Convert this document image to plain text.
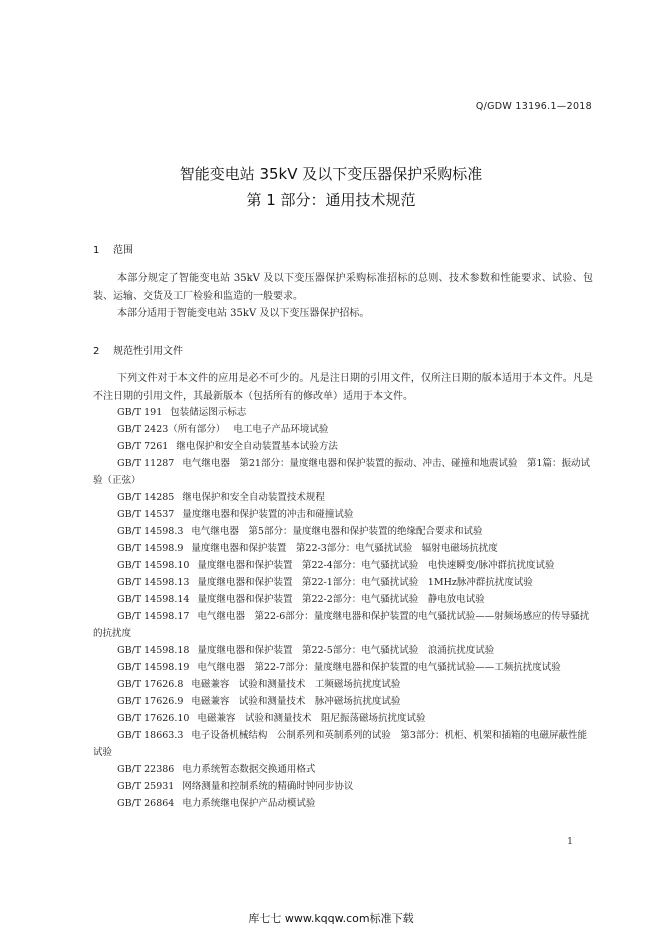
Q/GDW 13196.1—2018
智能变电站 35kV 及以下变压器保护采购标准
第 1 部分：通用技术规范
1 范围

本部分规定了智能变电站 35kV 及以下变压器保护采购标准招标的总则、技术参数和性能要求、试验、包装、运输、交货及工厂检验和监造的一般要求。

本部分适用于智能变电站 35kV 及以下变压器保护招标。

2 规范性引用文件

下列文件对于本文件的应用是必不可少的。凡是注日期的引用文件，仅所注日期的版本适用于本文件。凡是不注日期的引用文件，其最新版本（包括所有的修改单）适用于本文件。

GB/T 191 包装储运图示标志
GB/T 2423（所有部分） 电工电子产品环境试验
GB/T 7261 继电保护和安全自动装置基本试验方法
GB/T 11287 电气继电器　第21部分：量度继电器和保护装置的振动、冲击、碰撞和地震试验　第1篇：振动试验（正弦）
GB/T 14285 继电保护和安全自动装置技术规程
GB/T 14537 量度继电器和保护装置的冲击和碰撞试验
GB/T 14598.3 电气继电器　第5部分：量度继电器和保护装置的绝缘配合要求和试验
GB/T 14598.9 量度继电器和保护装置　第22-3部分：电气骚扰试验　辐射电磁场抗扰度
GB/T 14598.10 量度继电器和保护装置　第22-4部分：电气骚扰试验　电快速瞬变/脉冲群抗扰度试验
GB/T 14598.13 量度继电器和保护装置　第22-1部分：电气骚扰试验　1MHz脉冲群抗扰度试验
GB/T 14598.14 量度继电器和保护装置　第22-2部分：电气骚扰试验　静电放电试验
GB/T 14598.17 电气继电器　第22-6部分：量度继电器和保护装置的电气骚扰试验——射频场感应的传导骚扰的抗扰度
GB/T 14598.18 量度继电器和保护装置　第22-5部分：电气骚扰试验　浪涌抗扰度试验
GB/T 14598.19 电气继电器　第22-7部分：量度继电器和保护装置的电气骚扰试验——工频抗扰度试验
GB/T 17626.8 电磁兼容　试验和测量技术　工频磁场抗扰度试验
GB/T 17626.9 电磁兼容　试验和测量技术　脉冲磁场抗扰度试验
GB/T 17626.10 电磁兼容　试验和测量技术　阻尼振荡磁场抗扰度试验
GB/T 18663.3 电子设备机械结构　公制系列和英制系列的试验　第3部分：机柜、机架和插箱的电磁屏蔽性能试验
GB/T 22386 电力系统暂态数据交换通用格式
GB/T 25931 网络测量和控制系统的精确时钟同步协议
GB/T 26864 电力系统继电保护产品动模试验
1
库七七 www.kqqw.com标准下载
